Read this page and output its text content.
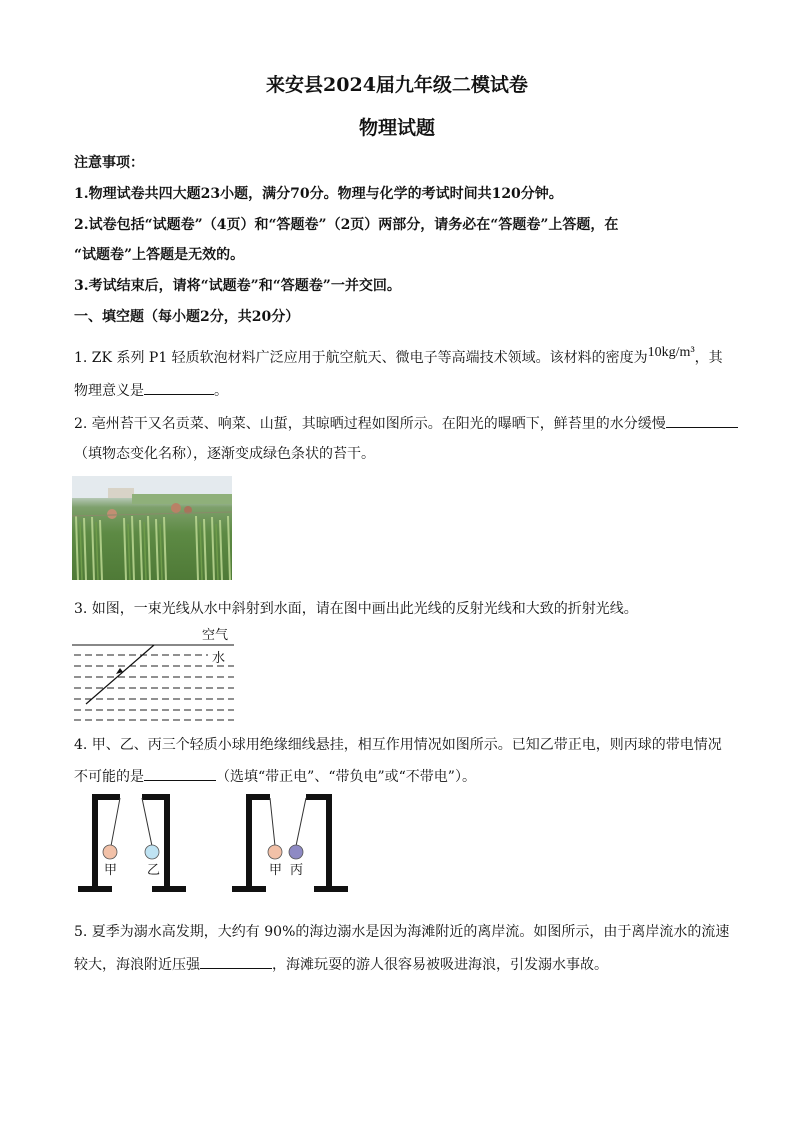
来安县2024届九年级二模试卷
物理试题
注意事项：
1.物理试卷共四大题23小题，满分70分。物理与化学的考试时间共120分钟。
2.试卷包括“试题卷”（4页）和“答题卷”（2页）两部分，请务必在“答题卷”上答题，在
“试题卷”上答题是无效的。
3.考试结束后，请将“试题卷”和“答题卷”一并交回。
一、填空题（每小题2分，共20分）
1. ZK 系列 P1 轻质软泡材料广泛应用于航空航天、微电子等高端技术领域。该材料的密度为10kg/m³，其
物理意义是	。
2. 亳州苔干又名贡菜、响菜、山蜇，其晾晒过程如图所示。在阳光的曝晒下，鲜苔里的水分缓慢
（填物态变化名称），逐渐变成绿色条状的苔干。
3. 如图，一束光线从水中斜射到水面，请在图中画出此光线的反射光线和大致的折射光线。
空气
水
4. 甲、乙、丙三个轻质小球用绝缘细线悬挂，相互作用情况如图所示。已知乙带正电，则丙球的带电情况
不可能的是	（选填“带正电”、“带负电”或“不带电”）。
甲 乙	甲 丙
5. 夏季为溺水高发期，大约有 90%的海边溺水是因为海滩附近的离岸流。如图所示，由于离岸流水的流速
较大，海浪附近压强	，海滩玩耍的游人很容易被吸进海浪，引发溺水事故。
